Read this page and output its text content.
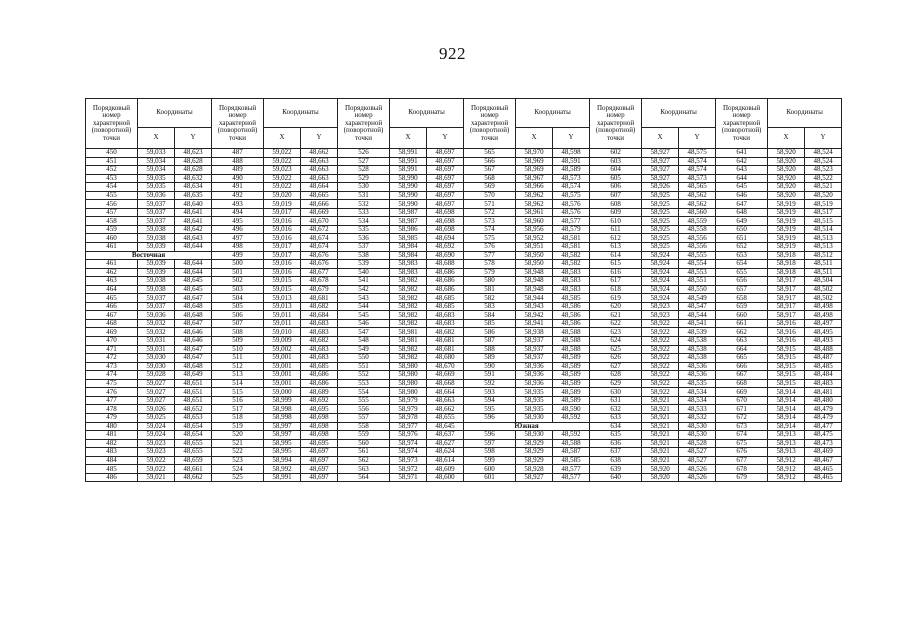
922
Порядковый номер характерной (поворотной) точки	Координаты		Порядковый номер характерной (поворотной) точки	Координаты		Порядковый номер характерной (поворотной) точки	Координаты		Порядковый номер характерной (поворотной) точки	Координаты		Порядковый номер характерной (поворотной) точки	Координаты		Порядковый номер характерной (поворотной) точки	Координаты	
	X	Y		X	Y		X	Y		X	Y		X	Y		X	Y
450	59,033	48,623	487	59,022	48,662	526	58,991	48,697	565	58,970	48,598	602	58,927	48,575	641	58,920	48,524
451	59,034	48,628	488	59,022	48,663	527	58,991	48,697	566	58,969	48,591	603	58,927	48,574	642	58,920	48,524
452	59,034	48,628	489	59,023	48,663	528	58,991	48,697	567	58,969	48,589	604	58,927	48,574	643	58,920	48,523
453	59,035	48,632	490	59,022	48,663	529	58,990	48,697	568	58,967	48,573	605	58,927	48,573	644	58,920	48,522
454	59,035	48,634	491	59,022	48,664	530	58,990	48,697	569	58,966	48,574	606	58,926	48,565	645	58,920	48,521
455	59,036	48,635	492	59,020	48,665	531	58,990	48,697	570	58,962	48,575	607	58,925	48,562	646	58,920	48,520
456	59,037	48,640	493	59,019	48,666	532	58,990	48,697	571	58,962	48,576	608	58,925	48,562	647	58,919	48,519
457	59,037	48,641	494	59,017	48,669	533	58,987	48,698	572	58,961	48,576	609	58,925	48,560	648	58,919	48,517
458	59,037	48,641	495	59,016	48,670	534	58,987	48,698	573	58,960	48,577	610	58,925	48,559	649	58,919	48,515
459	59,038	48,642	496	59,016	48,672	535	58,986	48,698	574	58,956	48,579	611	58,925	48,558	650	58,919	48,514
460	59,038	48,643	497	59,016	48,674	536	58,985	48,694	575	58,952	48,581	612	58,925	48,556	651	58,919	48,513
461	59,039	48,644	498	59,017	48,674	537	58,984	48,692	576	58,951	48,581	613	58,925	48,556	652	58,919	48,513
Восточная			499	59,017	48,676	538	58,984	48,690	577	58,950	48,582	614	58,924	48,555	653	58,918	48,512
461	59,039	48,644	500	59,016	48,676	539	58,983	48,688	578	58,950	48,582	615	58,924	48,554	654	58,918	48,511
462	59,039	48,644	501	59,016	48,677	540	58,983	48,686	579	58,948	48,583	616	58,924	48,553	655	58,918	48,511
463	59,038	48,645	502	59,015	48,678	541	58,982	48,686	580	58,948	48,583	617	58,924	48,551	656	58,917	48,504
464	59,038	48,645	503	59,015	48,679	542	58,982	48,686	581	58,948	48,583	618	58,924	48,550	657	58,917	48,502
465	59,037	48,647	504	59,013	48,681	543	58,982	48,685	582	58,944	48,585	619	58,924	48,549	658	58,917	48,502
466	59,037	48,648	505	59,013	48,682	544	58,982	48,685	583	58,943	48,586	620	58,923	48,547	659	58,917	48,498
467	59,036	48,648	506	59,011	48,684	545	58,982	48,683	584	58,942	48,586	621	58,923	48,544	660	58,917	48,498
468	59,032	48,647	507	59,011	48,683	546	58,982	48,683	585	58,941	48,586	622	58,922	48,541	661	58,916	48,497
469	59,032	48,646	508	59,010	48,683	547	58,981	48,682	586	58,938	48,588	623	58,922	48,539	662	58,916	48,495
470	59,031	48,646	509	59,009	48,682	548	58,981	48,681	587	58,937	48,588	624	58,922	48,538	663	58,916	48,493
471	59,031	48,647	510	59,002	48,683	549	58,982	48,681	588	58,937	48,588	625	58,922	48,538	664	58,915	48,488
472	59,030	48,647	511	59,001	48,683	550	58,982	48,680	589	58,937	48,589	626	58,922	48,538	665	58,915	48,487
473	59,030	48,648	512	59,001	48,685	551	58,980	48,670	590	58,936	48,589	627	58,922	48,536	666	58,915	48,485
474	59,028	48,649	513	59,001	48,686	552	58,980	48,669	591	58,936	48,589	628	58,922	48,536	667	58,915	48,484
475	59,027	48,651	514	59,001	48,686	553	58,980	48,668	592	58,936	48,589	629	58,922	48,535	668	58,915	48,483
476	59,027	48,651	515	59,000	48,689	554	58,980	48,664	593	58,935	48,589	630	58,922	48,534	669	58,914	48,481
477	59,027	48,651	516	58,999	48,692	555	58,979	48,663	594	58,935	48,589	631	58,921	48,534	670	58,914	48,480
478	59,026	48,652	517	58,998	48,695	556	58,979	48,662	595	58,935	48,590	632	58,921	48,533	671	58,914	48,479
479	59,025	48,653	518	58,998	48,698	557	58,978	48,655	596	58,930	48,592	633	58,921	48,532	672	58,914	48,479
480	59,024	48,654	519	58,997	48,698	558	58,977	48,645	Южная			634	58,921	48,530	673	58,914	48,477
481	59,024	48,654	520	58,997	48,698	559	58,976	48,637	596	58,930	48,592	635	58,921	48,530	674	58,913	48,475
482	59,023	48,655	521	58,995	48,695	560	58,974	48,627	597	58,929	48,588	636	58,921	48,528	675	58,913	48,473
483	59,023	48,655	522	58,995	48,697	561	58,974	48,624	598	58,929	48,587	637	58,921	48,527	676	58,913	48,469
484	59,022	48,659	523	58,994	48,697	562	58,973	48,614	599	58,929	48,585	638	58,921	48,527	677	58,912	48,467
485	59,022	48,661	524	58,992	48,697	563	58,972	48,609	600	58,928	48,577	639	58,920	48,526	678	58,912	48,465
486	59,021	48,662	525	58,991	48,697	564	58,971	48,600	601	58,927	48,577	640	58,920	48,526	679	58,912	48,465
